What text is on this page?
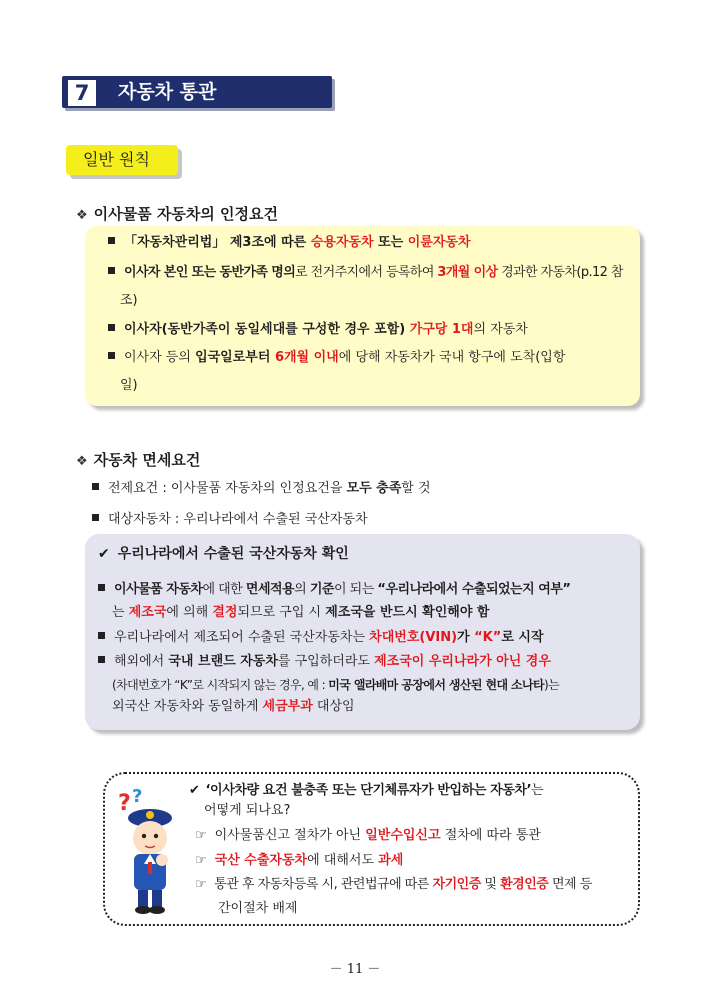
7	자동차 통관
일반 원칙
❖ 이사물품 자동차의 인정요건
「자동차관리법」 제3조에 따른 승용자동차 또는 이륜자동차
이사자 본인 또는 동반가족 명의로 전거주지에서 등록하여 3개월 이상 경과한 자동차(p.12 참
조)
이사자(동반가족이 동일세대를 구성한 경우 포함) 가구당 1대의 자동차
이사자 등의 입국일로부터 6개월 이내에 당해 자동차가 국내 항구에 도착(입항
일)
❖ 자동차 면세요건
전제요건 : 이사물품 자동차의 인정요건을 모두 충족할 것
대상자동차 : 우리나라에서 수출된 국산자동차
✔ 우리나라에서 수출된 국산자동차 확인
이사물품 자동차에 대한 면세적용의 기준이 되는 “우리나라에서 수출되었는지 여부”
는 제조국에 의해 결정되므로 구입 시 제조국을 반드시 확인해야 함
우리나라에서 제조되어 수출된 국산자동차는 차대번호(VIN)가 “K”로 시작
해외에서 국내 브랜드 자동차를 구입하더라도 제조국이 우리나라가 아닌 경우
(차대번호가 “K”로 시작되지 않는 경우, 예 : 미국 앨라배마 공장에서 생산된 현대 소나타)는
외국산 자동차와 동일하게 세금부과 대상임
? ?	✔ ‘이사차량 요건 불충족 또는 단기체류자가 반입하는 자동차’는
어떻게 되나요?
☞ 이사물품신고 절차가 아닌 일반수입신고 절차에 따라 통관
☞ 국산 수출자동차에 대해서도 과세
☞ 통관 후 자동차등록 시, 관련법규에 따른 자기인증 및 환경인증 면제 등
간이절차 배제
－ 11 －
